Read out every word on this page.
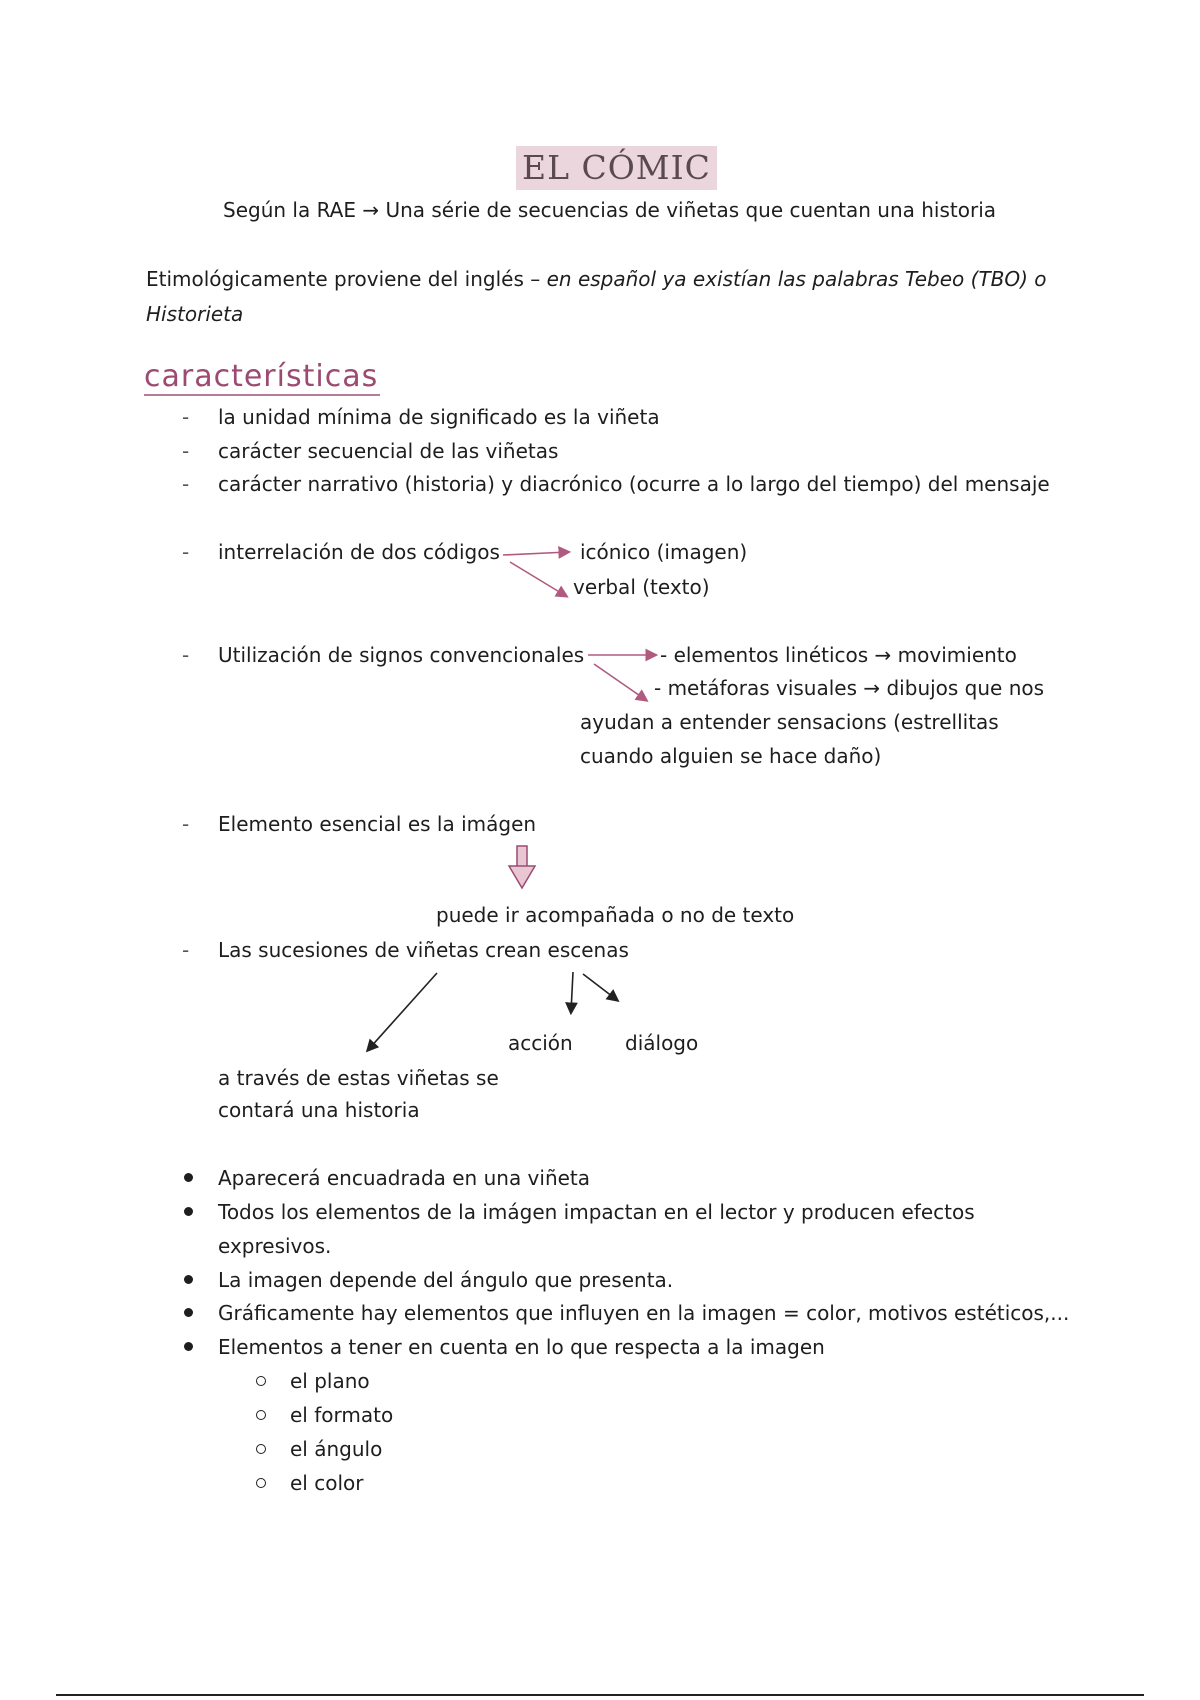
EL CÓMIC
Según la RAE → Una série de secuencias de viñetas que cuentan una historia
Etimológicamente proviene del inglés – en español ya existían las palabras Tebeo (TBO) o
Historieta
características
- la unidad mínima de significado es la viñeta
- carácter secuencial de las viñetas
- carácter narrativo (historia) y diacrónico (ocurre a lo largo del tiempo) del mensaje
- interrelación de dos códigos	icónico (imagen)
verbal (texto)
- Utilización de signos convencionales	- elementos linéticos → movimiento
- metáforas visuales → dibujos que nos
ayudan a entender sensacions (estrellitas
cuando alguien se hace daño)
- Elemento esencial es la imágen
puede ir acompañada o no de texto
- Las sucesiones de viñetas crean escenas
acción	diálogo
a través de estas viñetas se
contará una historia
Aparecerá encuadrada en una viñeta
Todos los elementos de la imágen impactan en el lector y producen efectos
expresivos.
La imagen depende del ángulo que presenta.
Gráficamente hay elementos que influyen en la imagen = color, motivos estéticos,...
Elementos a tener en cuenta en lo que respecta a la imagen
el plano
el formato
el ángulo
el color
